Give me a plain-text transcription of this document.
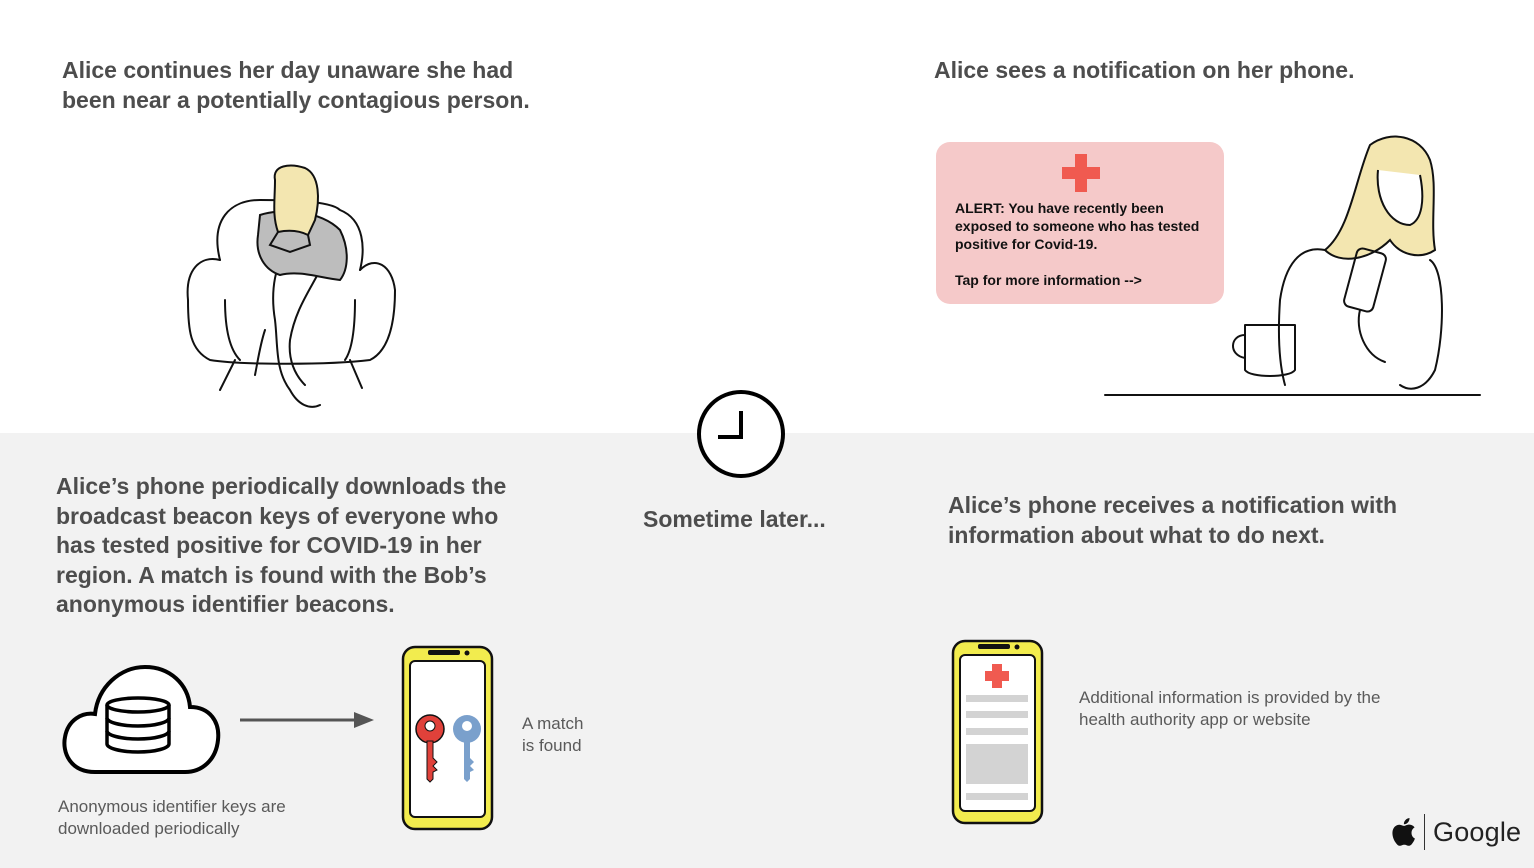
Alice continues her day unaware she had
been near a potentially contagious person.

Alice sees a notification on her phone.

ALERT: You have recently been exposed to someone who has tested positive for Covid-19.
Tap for more information -->

Sometime later...

Alice’s phone periodically downloads the
broadcast beacon keys of everyone who
has tested positive for COVID-19 in her
region. A match is found with the Bob’s
anonymous identifier beacons.

Anonymous identifier keys are
downloaded periodically
A match
is found

Alice’s phone receives a notification with
information about what to do next.

Additional information is provided by the
health authority app or website
Google
